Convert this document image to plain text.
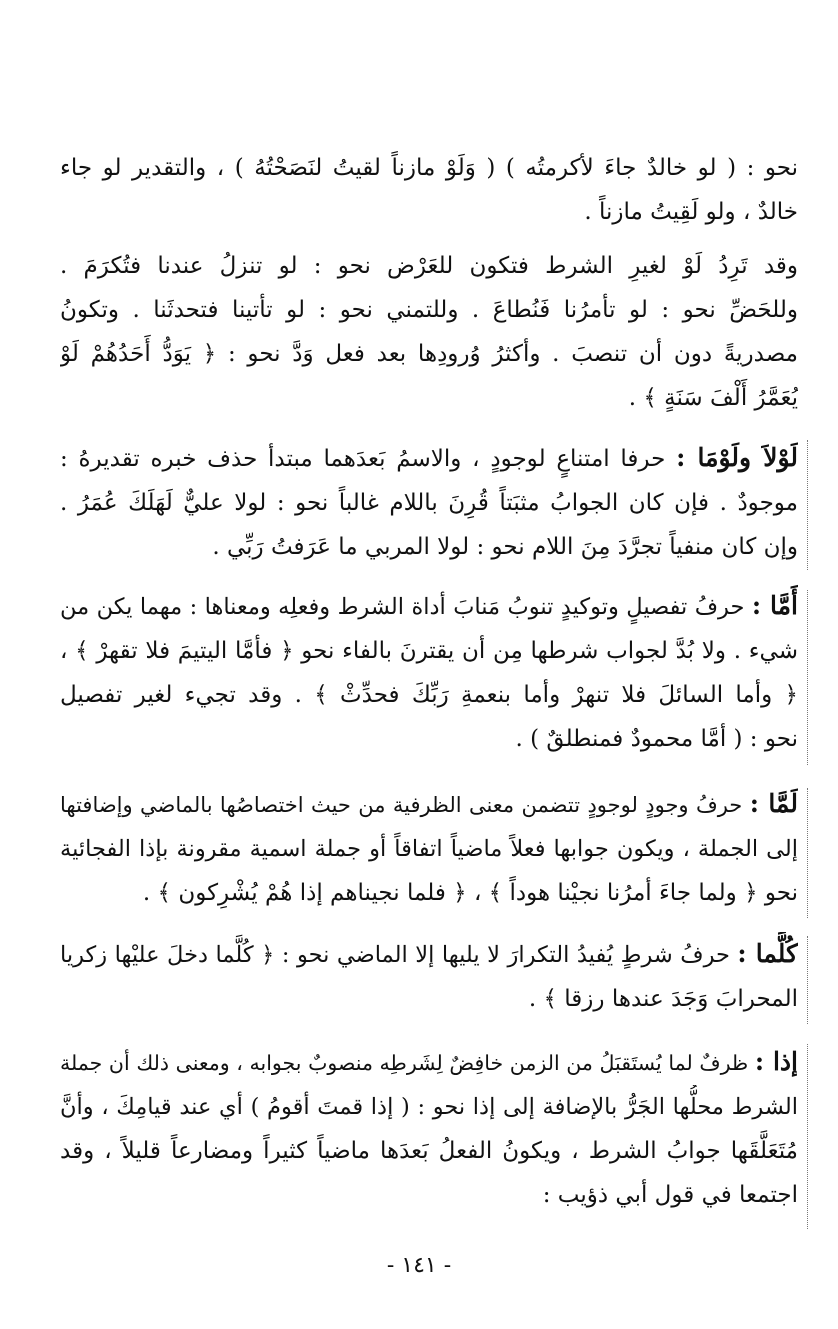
نحو : ( لو خالدٌ جاءَ لأكرمتُه ) ( وَلَوْ مازناً لقيتُ لنَصَحْتُهُ ) ، والتقدير لو جاء
خالدٌ ، ولو لَقِيتُ مازناً .
وقد تَرِدُ لَوْ لغيرِ الشرط فتكون للعَرْض نحو : لو تنزلُ عندنا فتُكرَمَ .
وللحَضِّ نحو : لو تأمرُنا فَنُطاعَ . وللتمني نحو : لو تأتينا فتحدثَنا . وتكونُ
مصدريةً دون أن تنصبَ . وأكثرُ وُرودِها بعد فعل وَدَّ نحو : ﴿ يَوَدُّ أَحَدُهُمْ لَوْ
يُعَمَّرُ أَلْفَ سَنَةٍ ﴾ .
لَوْلاَ ولَوْمَا : حرفا امتناعٍ لوجودٍ ، والاسمُ بَعدَهما مبتدأ حذف خبره تقديرهُ :
موجودٌ . فإن كان الجوابُ مثبَتاً قُرِنَ باللام غالباً نحو : لولا عليٌّ لَهَلَكَ عُمَرُ .
وإن كان منفياً تجرَّدَ مِنَ اللام نحو : لولا المربي ما عَرَفتُ رَبِّي .
أَمَّا : حرفُ تفصيلٍ وتوكيدٍ تنوبُ مَنابَ أداة الشرط وفعلِه ومعناها : مهما يكن من
شيء . ولا بُدَّ لجواب شرطها مِن أن يقترنَ بالفاء نحو ﴿ فأمَّا اليتيمَ فلا تقهرْ ﴾ ،
﴿ وأما السائلَ فلا تنهرْ وأما بنعمةِ رَبِّكَ فحدِّثْ ﴾ . وقد تجيء لغير تفصيل
نحو : ( أمَّا محمودٌ فمنطلقٌ ) .
لَمَّا : حرفُ وجودٍ لوجودٍ تتضمن معنى الظرفية من حيث اختصاصُها بالماضي وإضافتها
إلى الجملة ، ويكون جوابها فعلاً ماضياً اتفاقاً أو جملة اسمية مقرونة بإذا الفجائية
نحو ﴿ ولما جاءَ أمرُنا نجيْنا هوداً ﴾ ، ﴿ فلما نجيناهم إذا هُمْ يُشْرِكون ﴾ .
كُلَّما : حرفُ شرطٍ يُفيدُ التكرارَ لا يليها إلا الماضي نحو : ﴿ كُلَّما دخلَ عليْها زكريا
المحرابَ وَجَدَ عندها رزقا ﴾ .
إذا : ظرفٌ لما يُستَقبَلُ من الزمن خافِضٌ لِشَرطِه منصوبٌ بجوابه ، ومعنى ذلك أن جملة
الشرط محلُّها الجَرُّ بالإضافة إلى إذا نحو : ( إذا قمتَ أقومُ ) أي عند قيامِكَ ، وأنَّ
مُتَعَلَّقَها جوابُ الشرط ، ويكونُ الفعلُ بَعدَها ماضياً كثيراً ومضارعاً قليلاً ، وقد
اجتمعا في قول أبي ذؤيب :
- ١٤١ -
